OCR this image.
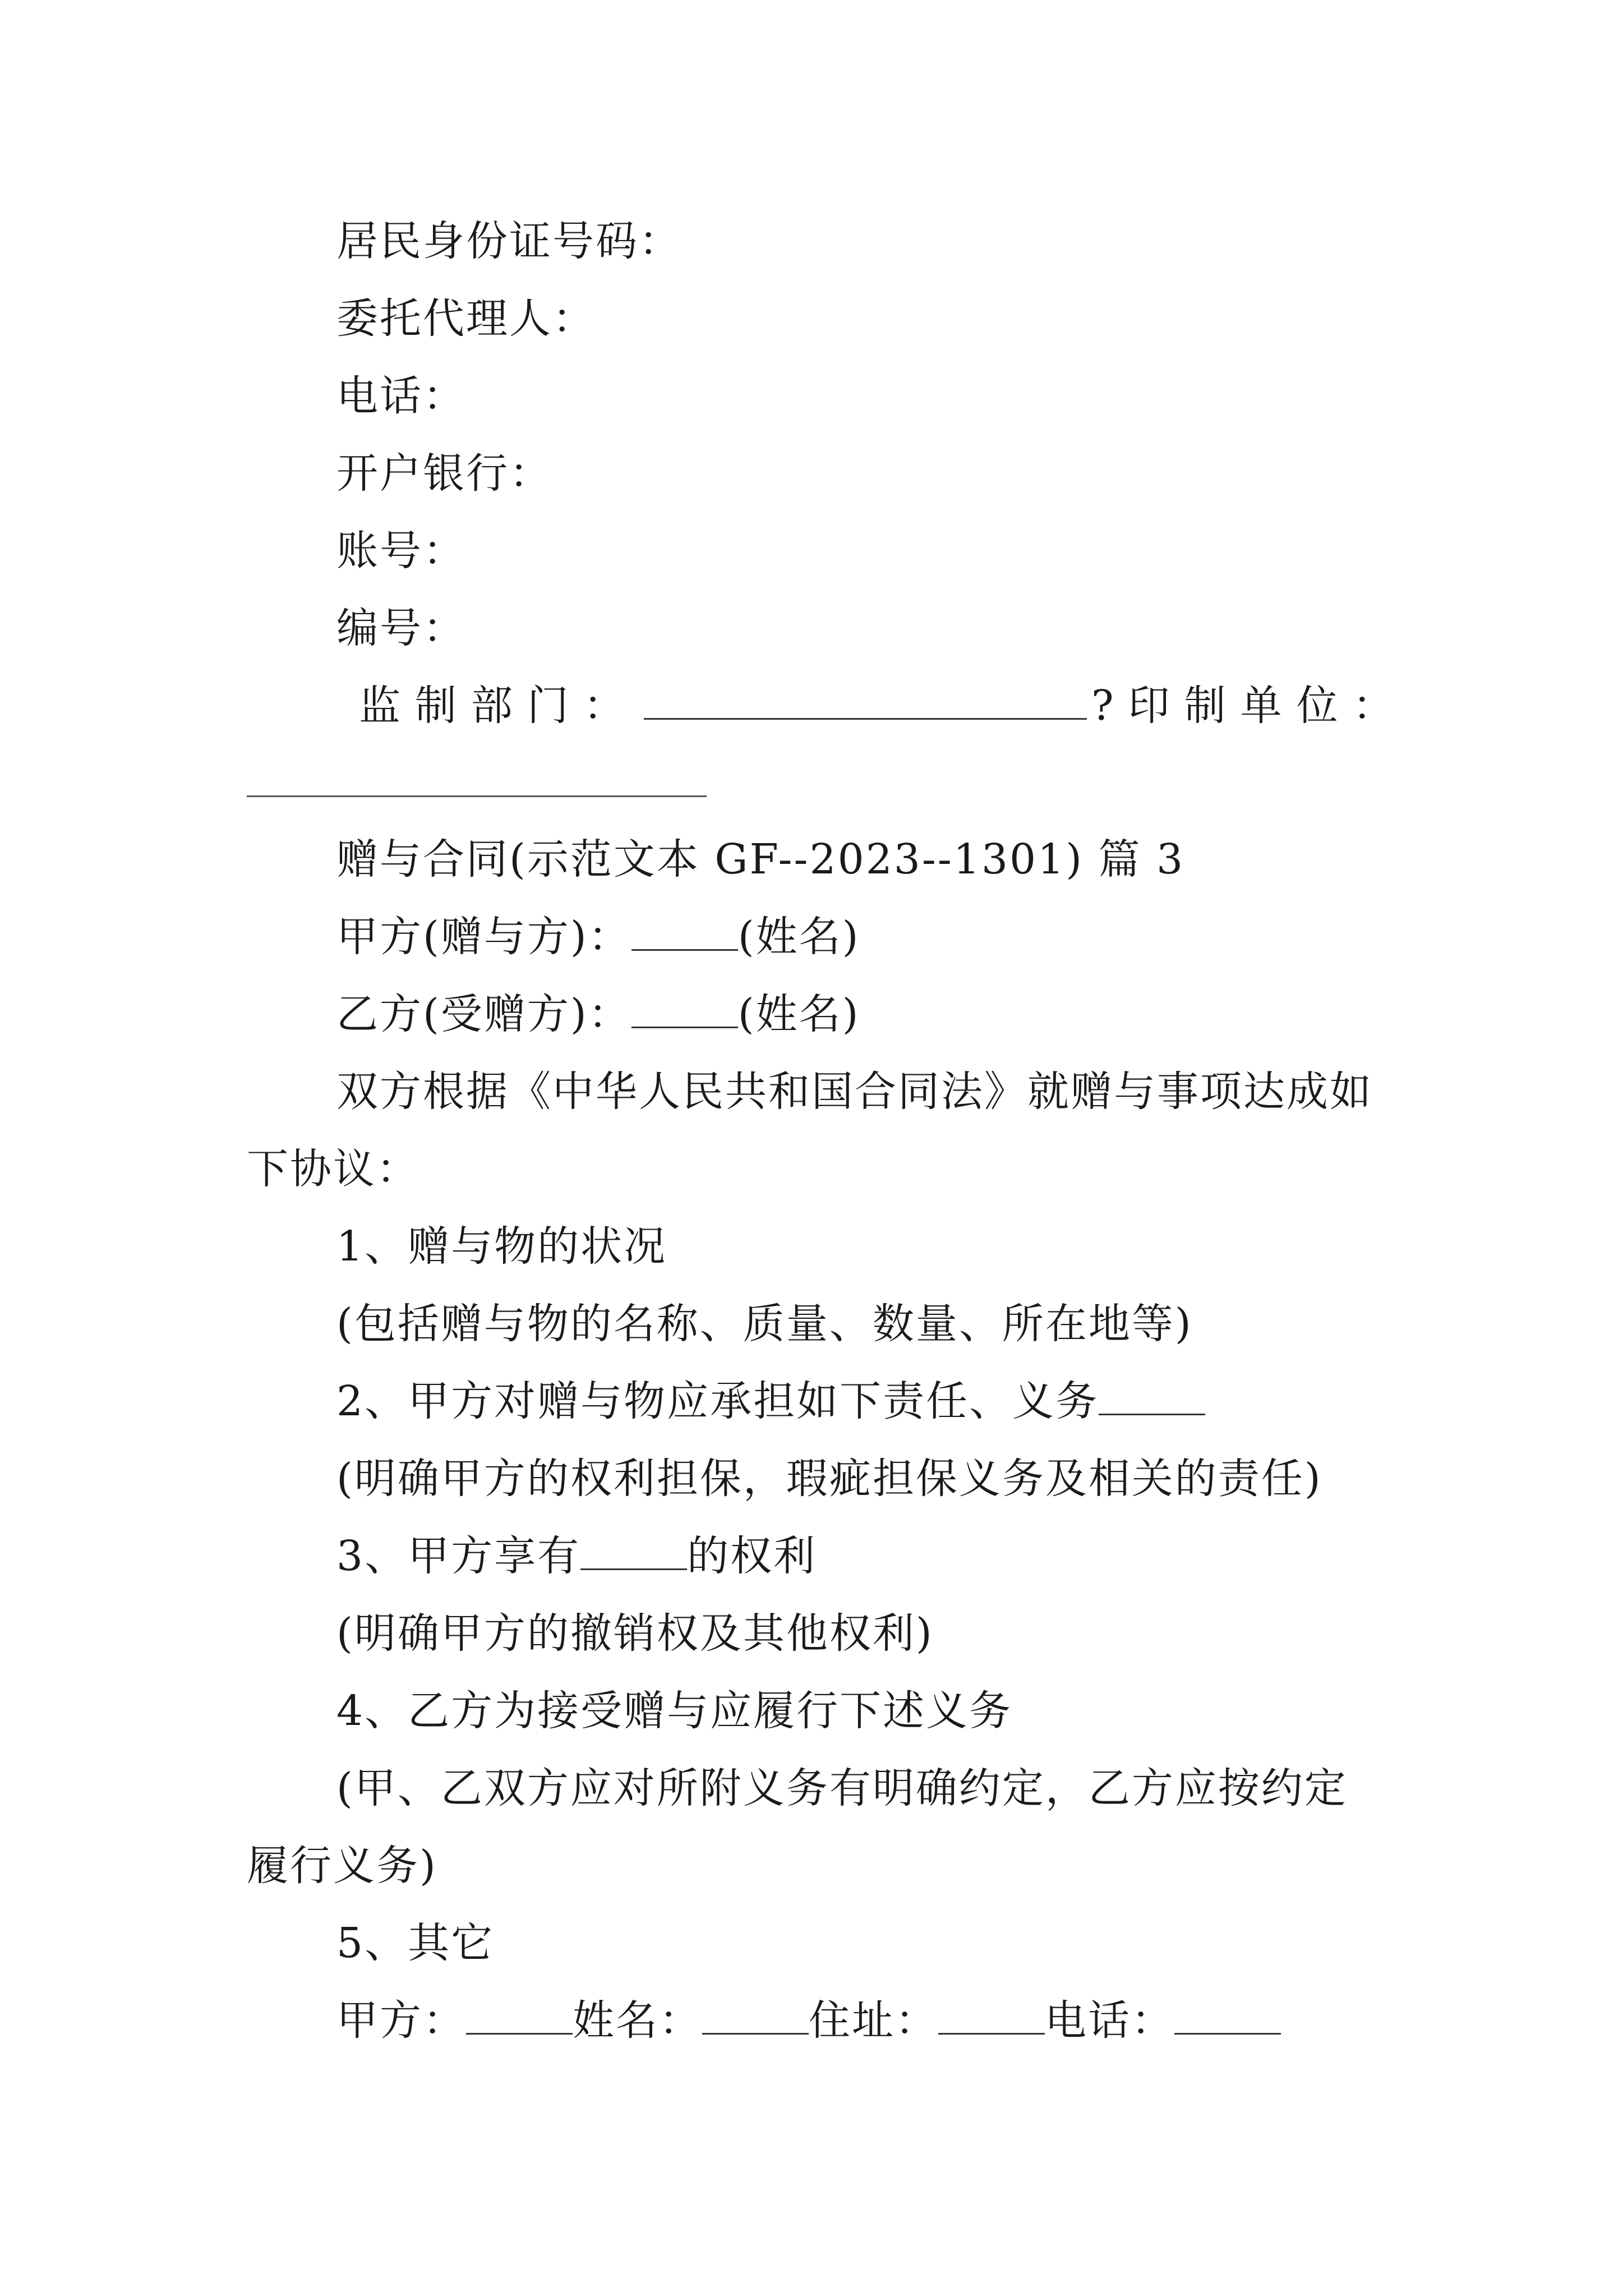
居民身份证号码：
委托代理人：
电话：
开户银行：
账号：
编号：
监制部门：	?印制单位：
赠与合同(示范文本 GF--2023--1301) 篇 3
甲方(赠与方)：	(姓名)
乙方(受赠方)：	(姓名)
双方根据《中华人民共和国合同法》就赠与事项达成如
下协议：
1、赠与物的状况
(包括赠与物的名称、质量、数量、所在地等)
2、甲方对赠与物应承担如下责任、义务
(明确甲方的权利担保，瑕疵担保义务及相关的责任)
3、甲方享有	的权利
(明确甲方的撤销权及其他权利)
4、乙方为接受赠与应履行下述义务
(甲、乙双方应对所附义务有明确约定，乙方应按约定
履行义务)
5、其它
甲方：	姓名：	住址：	电话：
